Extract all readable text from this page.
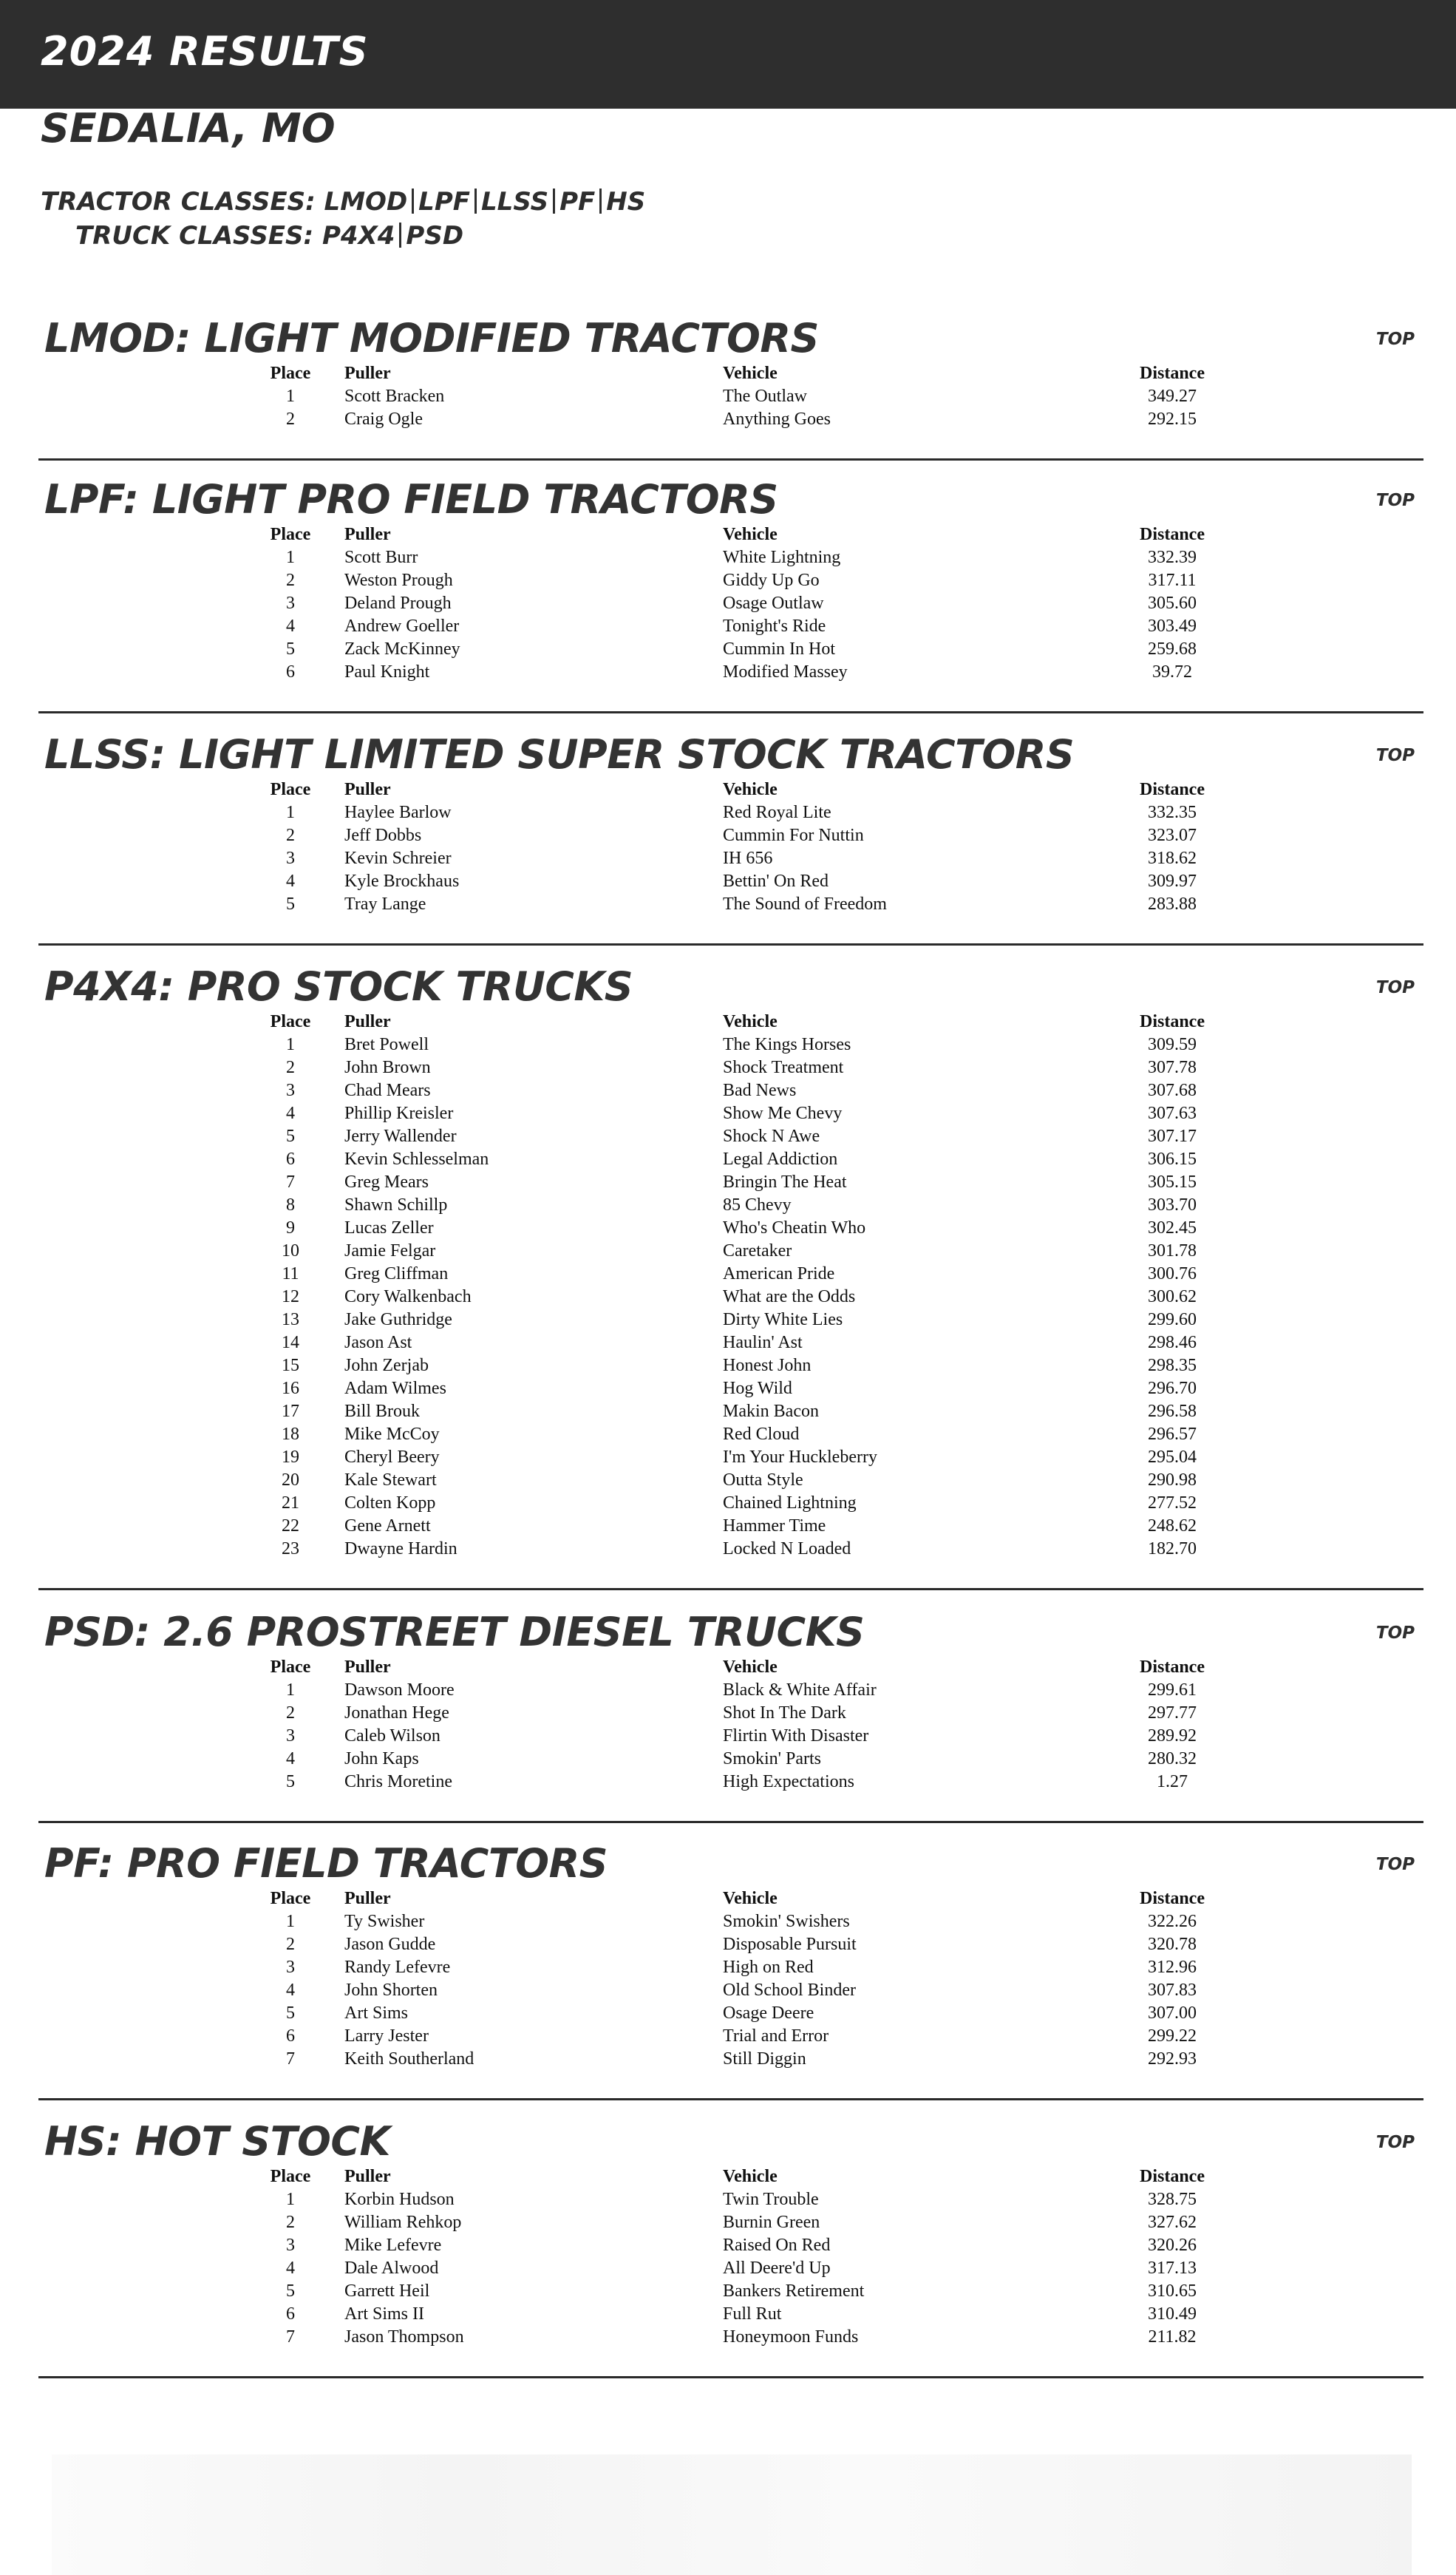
2024 RESULTS
SEDALIA, MO
TRACTOR CLASSES: LMOD LPF LLSS PF HS
TRUCK CLASSES: P4X4 PSD
LMOD: LIGHT MODIFIED TRACTORS	TOP
Place	Puller	Vehicle	Distance
1	Scott Bracken	The Outlaw	349.27
2	Craig Ogle	Anything Goes	292.15
LPF: LIGHT PRO FIELD TRACTORS	TOP
Place	Puller	Vehicle	Distance
1	Scott Burr	White Lightning	332.39
2	Weston Prough	Giddy Up Go	317.11
3	Deland Prough	Osage Outlaw	305.60
4	Andrew Goeller	Tonight's Ride	303.49
5	Zack McKinney	Cummin In Hot	259.68
6	Paul Knight	Modified Massey	39.72
LLSS: LIGHT LIMITED SUPER STOCK TRACTORS	TOP
Place	Puller	Vehicle	Distance
1	Haylee Barlow	Red Royal Lite	332.35
2	Jeff Dobbs	Cummin For Nuttin	323.07
3	Kevin Schreier	IH 656	318.62
4	Kyle Brockhaus	Bettin' On Red	309.97
5	Tray Lange	The Sound of Freedom	283.88
P4X4: PRO STOCK TRUCKS	TOP
Place	Puller	Vehicle	Distance
1	Bret Powell	The Kings Horses	309.59
2	John Brown	Shock Treatment	307.78
3	Chad Mears	Bad News	307.68
4	Phillip Kreisler	Show Me Chevy	307.63
5	Jerry Wallender	Shock N Awe	307.17
6	Kevin Schlesselman	Legal Addiction	306.15
7	Greg Mears	Bringin The Heat	305.15
8	Shawn Schillp	85 Chevy	303.70
9	Lucas Zeller	Who's Cheatin Who	302.45
10	Jamie Felgar	Caretaker	301.78
11	Greg Cliffman	American Pride	300.76
12	Cory Walkenbach	What are the Odds	300.62
13	Jake Guthridge	Dirty White Lies	299.60
14	Jason Ast	Haulin' Ast	298.46
15	John Zerjab	Honest John	298.35
16	Adam Wilmes	Hog Wild	296.70
17	Bill Brouk	Makin Bacon	296.58
18	Mike McCoy	Red Cloud	296.57
19	Cheryl Beery	I'm Your Huckleberry	295.04
20	Kale Stewart	Outta Style	290.98
21	Colten Kopp	Chained Lightning	277.52
22	Gene Arnett	Hammer Time	248.62
23	Dwayne Hardin	Locked N Loaded	182.70
PSD: 2.6 PROSTREET DIESEL TRUCKS	TOP
Place	Puller	Vehicle	Distance
1	Dawson Moore	Black & White Affair	299.61
2	Jonathan Hege	Shot In The Dark	297.77
3	Caleb Wilson	Flirtin With Disaster	289.92
4	John Kaps	Smokin' Parts	280.32
5	Chris Moretine	High Expectations	1.27
PF: PRO FIELD TRACTORS	TOP
Place	Puller	Vehicle	Distance
1	Ty Swisher	Smokin' Swishers	322.26
2	Jason Gudde	Disposable Pursuit	320.78
3	Randy Lefevre	High on Red	312.96
4	John Shorten	Old School Binder	307.83
5	Art Sims	Osage Deere	307.00
6	Larry Jester	Trial and Error	299.22
7	Keith Southerland	Still Diggin	292.93
HS: HOT STOCK	TOP
Place	Puller	Vehicle	Distance
1	Korbin Hudson	Twin Trouble	328.75
2	William Rehkop	Burnin Green	327.62
3	Mike Lefevre	Raised On Red	320.26
4	Dale Alwood	All Deere'd Up	317.13
5	Garrett Heil	Bankers Retirement	310.65
6	Art Sims II	Full Rut	310.49
7	Jason Thompson	Honeymoon Funds	211.82
